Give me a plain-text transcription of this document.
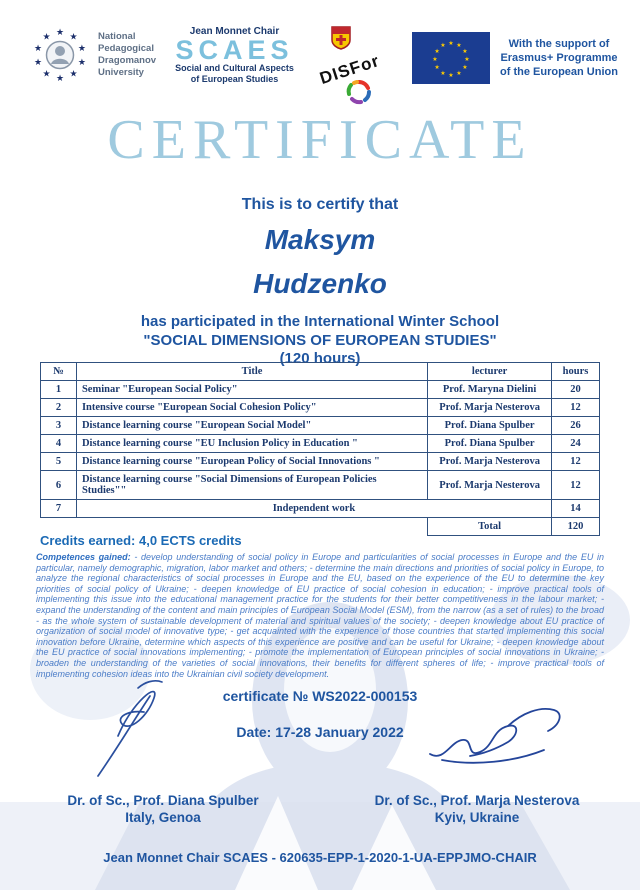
★ ★
★
★
★
★
★
★
★
★	National
Pedagogical
Dragomanov
University
Jean Monnet Chair
SCAES
Social and Cultural Aspects
of European Studies	DISFor
★ ★
★
★
★
★
★
★
★
★
★
★	With the support of
Erasmus+ Programme
of the European Union
CERTIFICATE
This is to certify that
Maksym
Hudzenko
has participated in the International Winter School
"SOCIAL DIMENSIONS OF EUROPEAN STUDIES"
(120 hours)
№	Title	lecturer	hours
1	Seminar "European Social Policy"	Prof. Maryna Dielini	20
2	Intensive course "European Social Cohesion Policy"	Prof. Marja Nesterova	12
3	Distance learning course "European Social Model"	Prof. Diana Spulber	26
4	Distance learning course "EU Inclusion Policy in Education "	Prof. Diana Spulber	24
5	Distance learning course "European Policy of Social Innovations "	Prof. Marja Nesterova	12
6	Distance learning course "Social Dimensions of European Policies Studies""	Prof. Marja Nesterova	12
7	Independent work		14
		Total	120
Credits earned: 4,0 ECTS credits
Competences gained: - develop understanding of social policy in Europe and particularities of social processes in Europe and the EU in particular, namely demographic, migration, labor market and others; - determine the main directions and priorities of social policy in Europe, to analyze the regional characteristics of social processes in Europe and the EU, based on the experience of the EU to determine the key priorities of social policy of Ukraine; - deepen knowledge of EU practice of social cohesion in education; - improve practical tools of implementing this issue into the educational management practice for the students for their better competitiveness in the labour market; - expand the understanding of the content and main principles of European Social Model (ESM), from the narrow (as a set of rules) to the broad - as the whole system of sustainable development of material and spiritual values of the society; - deepen knowledge about EU practice of organization of social model of innovative type; - get acquainted with the experience of those countries that started implementing this social innovation before Ukraine, determine which aspects of this experience are positive and can be useful for Ukraine; - deepen knowledge about the EU practice of social innovations implementing; - promote the implementation of European principles of social innovations in Ukraine; - broaden the understanding of the varieties of social innovations, their benefits for different spheres of life; - improve practical tools of implementing cohesion ideas into the Ukrainian civil society development.
certificate № WS2022-000153
Date: 17-28 January 2022
Dr. of Sc., Prof. Diana Spulber
Italy, Genoa
Dr. of Sc., Prof. Marja Nesterova
Kyiv, Ukraine
Jean Monnet Chair SCAES - 620635-EPP-1-2020-1-UA-EPPJMO-CHAIR
